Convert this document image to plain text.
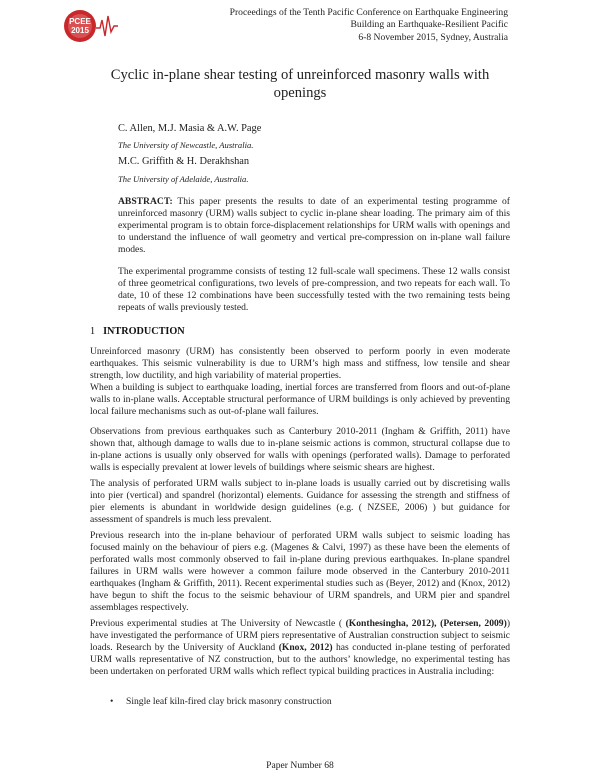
PCEE
2015
Proceedings of the Tenth Pacific Conference on Earthquake Engineering
Building an Earthquake-Resilient Pacific
6-8 November 2015, Sydney, Australia
Cyclic in-plane shear testing of unreinforced masonry walls with openings
C. Allen, M.J. Masia & A.W. Page
The University of Newcastle, Australia.
M.C. Griffith & H. Derakhshan
The University of Adelaide, Australia.
ABSTRACT: This paper presents the results to date of an experimental testing programme of unreinforced masonry (URM) walls subject to cyclic in-plane shear loading. The primary aim of this experimental program is to obtain force-displacement relationships for URM walls with openings and to understand the influence of wall geometry and vertical pre-compression on in-plane wall failure modes.
The experimental programme consists of testing 12 full-scale wall specimens. These 12 walls consist of three geometrical configurations, two levels of pre-compression, and two repeats for each wall. To date, 10 of these 12 combinations have been successfully tested with the two remaining tests being repeats of walls previously tested.
1 INTRODUCTION
Unreinforced masonry (URM) has consistently been observed to perform poorly in even moderate earthquakes. This seismic vulnerability is due to URM’s high mass and stiffness, low tensile and shear strength, low ductility, and high variability of material properties.
When a building is subject to earthquake loading, inertial forces are transferred from floors and out-of-plane walls to in-plane walls. Acceptable structural performance of URM buildings is only achieved by preventing local failure mechanisms such as out-of-plane wall failures.
Observations from previous earthquakes such as Canterbury 2010-2011 (Ingham & Griffith, 2011) have shown that, although damage to walls due to in-plane seismic actions is common, structural collapse due to in-plane actions is usually only observed for walls with openings (perforated walls). Damage to perforated walls is especially prevalent at lower levels of buildings where seismic shears are highest.
The analysis of perforated URM walls subject to in-plane loads is usually carried out by discretising walls into pier (vertical) and spandrel (horizontal) elements. Guidance for assessing the strength and stiffness of pier elements is abundant in worldwide design guidelines (e.g. ( NZSEE, 2006) ) but guidance for assessment of spandrels is much less prevalent.
Previous research into the in-plane behaviour of perforated URM walls subject to seismic loading has focused mainly on the behaviour of piers e.g. (Magenes & Calvi, 1997) as these have been the elements of perforated walls most commonly observed to fail in-plane during previous earthquakes. In-plane spandrel failures in URM walls were however a common failure mode observed in the Canterbury 2010-2011 earthquakes (Ingham & Griffith, 2011). Recent experimental studies such as (Beyer, 2012) and (Knox, 2012) have begun to shift the focus to the seismic behaviour of URM spandrels, and URM pier and spandrel assemblages respectively.
Previous experimental studies at The University of Newcastle ( (Konthesingha, 2012), (Petersen, 2009)) have investigated the performance of URM piers representative of Australian construction subject to seismic loads. Research by the University of Auckland (Knox, 2012) has conducted in-plane testing of perforated URM walls representative of NZ construction, but to the authors’ knowledge, no experimental testing has been undertaken on perforated URM walls which reflect typical building practices in Australia including:
• Single leaf kiln-fired clay brick masonry construction
Paper Number 68
